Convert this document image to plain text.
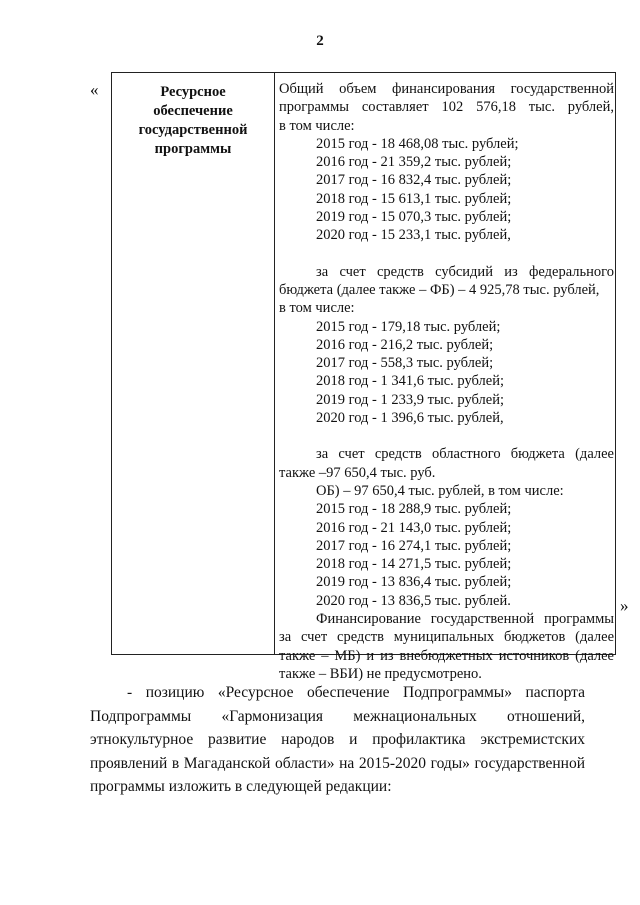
2
«
»
Ресурсное
обеспечение
государственной
программы
Общий объем финансирования государственной
программы составляет 102 576,18 тыс. рублей,
в том числе:
2015 год - 18 468,08 тыс. рублей;
2016 год - 21 359,2 тыс. рублей;
2017 год - 16 832,4 тыс. рублей;
2018 год - 15 613,1 тыс. рублей;
2019 год - 15 070,3 тыс. рублей;
2020 год - 15 233,1 тыс. рублей,
за счет средств субсидий из федерального
бюджета (далее также – ФБ) – 4 925,78 тыс. рублей,
в том числе:
2015 год - 179,18 тыс. рублей;
2016 год - 216,2 тыс. рублей;
2017 год - 558,3 тыс. рублей;
2018 год - 1 341,6 тыс. рублей;
2019 год - 1 233,9 тыс. рублей;
2020 год - 1 396,6 тыс. рублей,
за счет средств областного бюджета (далее
также –97 650,4 тыс. руб.
ОБ) – 97 650,4 тыс. рублей, в том числе:
2015 год - 18 288,9 тыс. рублей;
2016 год - 21 143,0 тыс. рублей;
2017 год - 16 274,1 тыс. рублей;
2018 год - 14 271,5 тыс. рублей;
2019 год - 13 836,4 тыс. рублей;
2020 год - 13 836,5 тыс. рублей.
Финансирование государственной программы
за счет средств муниципальных бюджетов (далее
также – МБ) и из внебюджетных источников (далее
также – ВБИ) не предусмотрено.
- позицию «Ресурсное обеспечение Подпрограммы» паспорта
Подпрограммы «Гармонизация межнациональных отношений,
этнокультурное развитие народов и профилактика экстремистских
проявлений в Магаданской области» на 2015-2020 годы» государственной
программы изложить в следующей редакции:
